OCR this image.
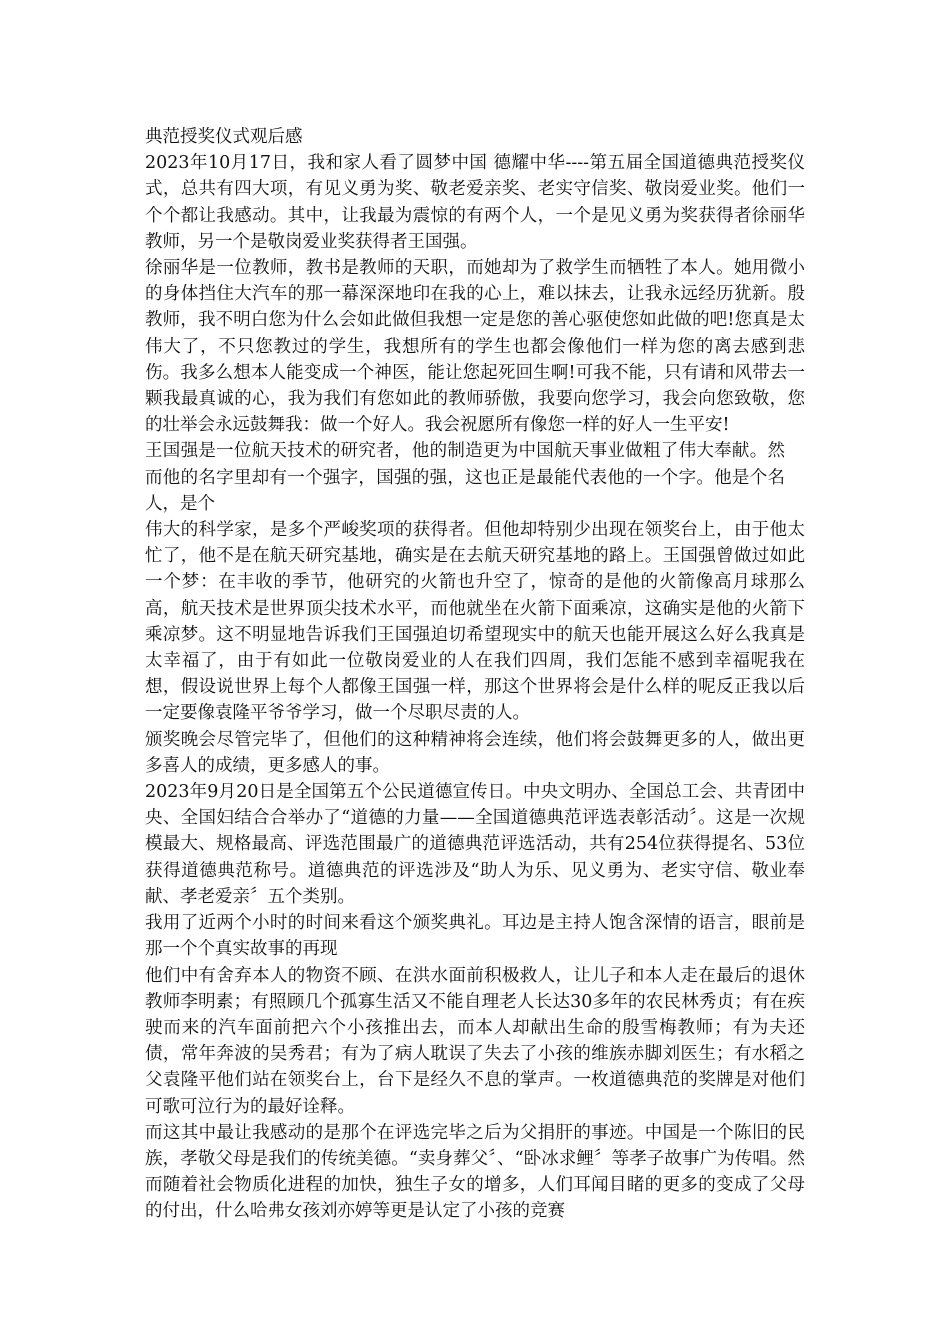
典范授奖仪式观后感

2023年10月17日，我和家人看了圆梦中国 德耀中华----第五届全国道德典范授奖仪式，总共有四大项，有见义勇为奖、敬老爱亲奖、老实守信奖、敬岗爱业奖。他们一个个都让我感动。其中，让我最为震惊的有两个人，一个是见义勇为奖获得者徐丽华教师，另一个是敬岗爱业奖获得者王国强。

徐丽华是一位教师，教书是教师的天职，而她却为了救学生而牺牲了本人。她用微小的身体挡住大汽车的那一幕深深地印在我的心上，难以抹去，让我永远经历犹新。殷教师，我不明白您为什么会如此做但我想一定是您的善心驱使您如此做的吧!您真是太伟大了，不只您教过的学生，我想所有的学生也都会像他们一样为您的离去感到悲伤。我多么想本人能变成一个神医，能让您起死回生啊!可我不能，只有请和风带去一颗我最真诚的心，我为我们有您如此的教师骄傲，我要向您学习，我会向您致敬，您的壮举会永远鼓舞我：做一个好人。我会祝愿所有像您一样的好人一生平安!

王国强是一位航天技术的研究者，他的制造更为中国航天事业做粗了伟大奉献。然而他的名字里却有一个强字，国强的强，这也正是最能代表他的一个字。他是个名人，是个

伟大的科学家，是多个严峻奖项的获得者。但他却特别少出现在领奖台上，由于他太忙了，他不是在航天研究基地，确实是在去航天研究基地的路上。王国强曾做过如此一个梦：在丰收的季节，他研究的火箭也升空了，惊奇的是他的火箭像高月球那么高，航天技术是世界顶尖技术水平，而他就坐在火箭下面乘凉，这确实是他的火箭下乘凉梦。这不明显地告诉我们王国强迫切希望现实中的航天也能开展这么好么我真是太幸福了，由于有如此一位敬岗爱业的人在我们四周，我们怎能不感到幸福呢我在想，假设说世界上每个人都像王国强一样，那这个世界将会是什么样的呢反正我以后一定要像袁隆平爷爷学习，做一个尽职尽责的人。

颁奖晚会尽管完毕了，但他们的这种精神将会连续，他们将会鼓舞更多的人，做出更多喜人的成绩，更多感人的事。

2023年9月20日是全国第五个公民道德宣传日。中央文明办、全国总工会、共青团中央、全国妇结合合举办了“道德的力量——全国道德典范评选表彰活动〞。这是一次规模最大、规格最高、评选范围最广的道德典范评选活动，共有254位获得提名、53位获得道德典范称号。道德典范的评选涉及“助人为乐、见义勇为、老实守信、敬业奉献、孝老爱亲〞五个类别。

我用了近两个小时的时间来看这个颁奖典礼。耳边是主持人饱含深情的语言，眼前是那一个个真实故事的再现

他们中有舍弃本人的物资不顾、在洪水面前积极救人，让儿子和本人走在最后的退休教师李明素；有照顾几个孤寡生活又不能自理老人长达30多年的农民林秀贞；有在疾驶而来的汽车面前把六个小孩推出去，而本人却献出生命的殷雪梅教师；有为夫还债，常年奔波的吴秀君；有为了病人耽误了失去了小孩的维族赤脚刘医生；有水稻之父袁隆平他们站在领奖台上，台下是经久不息的掌声。一枚道德典范的奖牌是对他们可歌可泣行为的最好诠释。

而这其中最让我感动的是那个在评选完毕之后为父捐肝的事迹。中国是一个陈旧的民族，孝敬父母是我们的传统美德。“卖身葬父〞、“卧冰求鲤〞等孝子故事广为传唱。然而随着社会物质化进程的加快，独生子女的增多，人们耳闻目睹的更多的变成了父母的付出，什么哈弗女孩刘亦婷等更是认定了小孩的竞赛
